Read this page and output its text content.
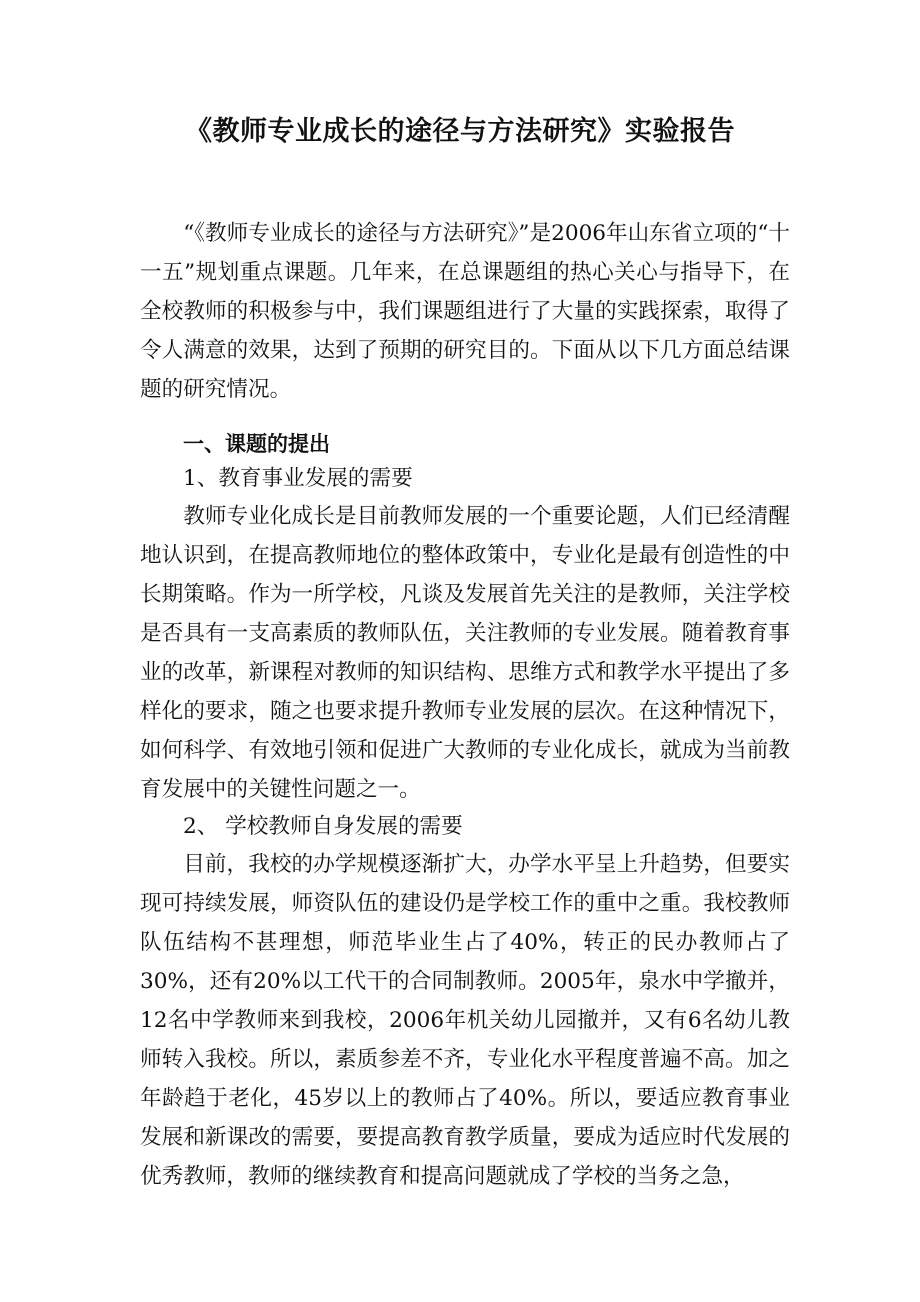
《教师专业成长的途径与方法研究》实验报告

“《教师专业成长的途径与方法研究》”是2006年山东省立项的“十一五”规划重点课题。几年来，在总课题组的热心关心与指导下，在全校教师的积极参与中，我们课题组进行了大量的实践探索，取得了令人满意的效果，达到了预期的研究目的。下面从以下几方面总结课题的研究情况。

一、课题的提出

1、教育事业发展的需要

教师专业化成长是目前教师发展的一个重要论题，人们已经清醒地认识到，在提高教师地位的整体政策中，专业化是最有创造性的中长期策略。作为一所学校，凡谈及发展首先关注的是教师，关注学校是否具有一支高素质的教师队伍，关注教师的专业发展。随着教育事业的改革，新课程对教师的知识结构、思维方式和教学水平提出了多样化的要求，随之也要求提升教师专业发展的层次。在这种情况下，如何科学、有效地引领和促进广大教师的专业化成长，就成为当前教育发展中的关键性问题之一。

2、 学校教师自身发展的需要

目前，我校的办学规模逐渐扩大，办学水平呈上升趋势，但要实现可持续发展，师资队伍的建设仍是学校工作的重中之重。我校教师队伍结构不甚理想，师范毕业生占了40%，转正的民办教师占了30%，还有20%以工代干的合同制教师。2005年，泉水中学撤并，12名中学教师来到我校，2006年机关幼儿园撤并，又有6名幼儿教师转入我校。所以，素质参差不齐，专业化水平程度普遍不高。加之年龄趋于老化，45岁以上的教师占了40%。所以，要适应教育事业发展和新课改的需要，要提高教育教学质量，要成为适应时代发展的优秀教师，教师的继续教育和提高问题就成了学校的当务之急，
